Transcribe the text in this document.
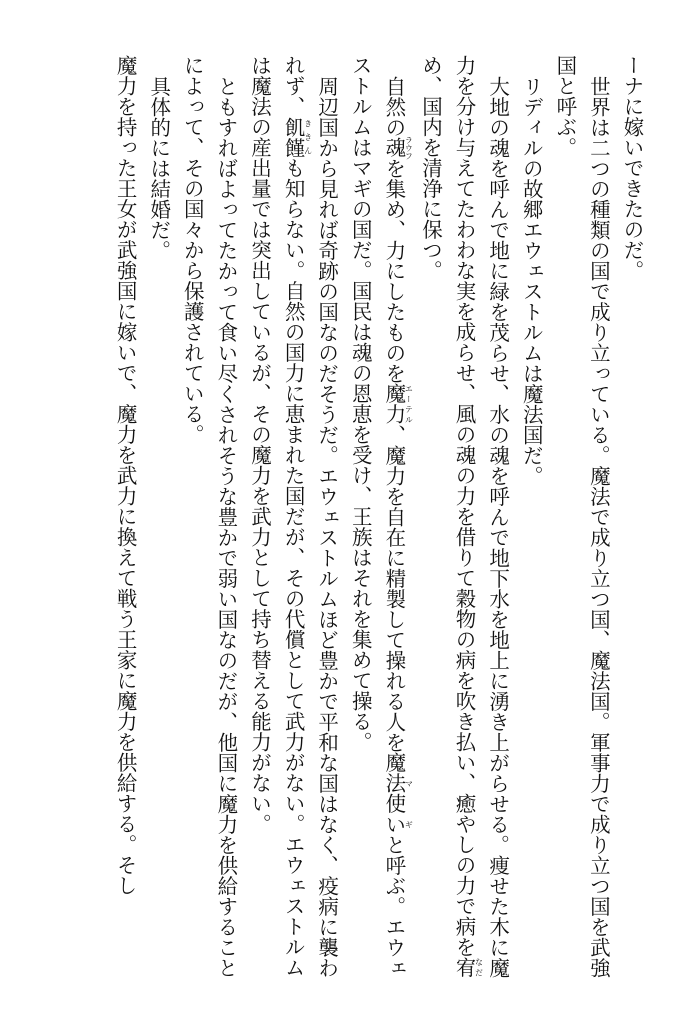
ーナに嫁いできたのだ。

世界は二つの種類の国で成り立っている。魔法で成り立つ国、魔法国。軍事力で成り立つ国を武強国と呼ぶ。

リディルの故郷エウェストルムは魔法国だ。

大地の魂を呼んで地に緑を茂らせ、水の魂を呼んで地下水を地上に湧き上がらせる。痩せた木に魔力を分け与えてたわわな実を成らせ、風の魂の力を借りて穀物の病を吹き払い、癒やしの力で病を宥なだめ、国内を清浄に保つ。

自然の魂ラウフを集め、力にしたものを魔力エーテル、魔力を自在に精製して操れる人を魔法使マいギと呼ぶ。エウェストルムはマギの国だ。国民は魂の恩恵を受け、王族はそれを集めて操る。

周辺国から見れば奇跡の国なのだそうだ。エウェストルムほど豊かで平和な国はなく、疫病に襲われず、飢饉ききんも知らない。自然の国力に恵まれた国だが、その代償として武力がない。エウェストルムは魔法の産出量では突出しているが、その魔力を武力として持ち替える能力がない。

ともすればよってたかって食い尽くされそうな豊かで弱い国なのだが、他国に魔力を供給することによって、その国々から保護されている。

具体的には結婚だ。

魔力を持った王女が武強国に嫁いで、魔力を武力に換えて戦う王家に魔力を供給する。そし
